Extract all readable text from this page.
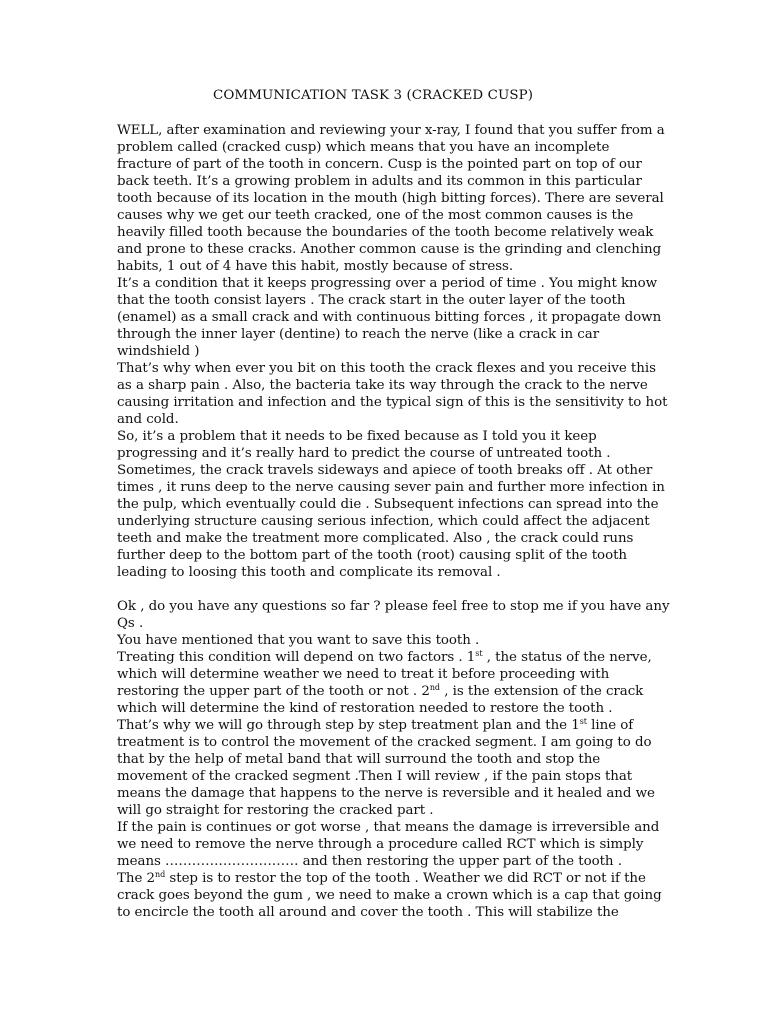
COMMUNICATION TASK 3 (CRACKED CUSP)
WELL, after examination and reviewing your x-ray, I found that you suffer from a
problem called (cracked cusp) which means that you have an incomplete
fracture of part of the tooth in concern. Cusp is the pointed part on top of our
back teeth. It’s a growing problem in adults and its common in this particular
tooth because of its location in the mouth (high bitting forces). There are several
causes why we get our teeth cracked, one of the most common causes is the
heavily filled tooth because the boundaries of the tooth become relatively weak
and prone to these cracks. Another common cause is the grinding and clenching
habits, 1 out of 4 have this habit, mostly because of stress.
It’s a condition that it keeps progressing over a period of time . You might know
that the tooth consist layers . The crack start in the outer layer of the tooth
(enamel) as a small crack and with continuous bitting forces , it propagate down
through the inner layer (dentine) to reach the nerve (like a crack in car
windshield )
That’s why when ever you bit on this tooth the crack flexes and you receive this
as a sharp pain . Also, the bacteria take its way through the crack to the nerve
causing irritation and infection and the typical sign of this is the sensitivity to hot
and cold.
So, it’s a problem that it needs to be fixed because as I told you it keep
progressing and it’s really hard to predict the course of untreated tooth .
Sometimes, the crack travels sideways and apiece of tooth breaks off . At other
times , it runs deep to the nerve causing sever pain and further more infection in
the pulp, which eventually could die . Subsequent infections can spread into the
underlying structure causing serious infection, which could affect the adjacent
teeth and make the treatment more complicated. Also , the crack could runs
further deep to the bottom part of the tooth (root) causing split of the tooth
leading to loosing this tooth and complicate its removal .
Ok , do you have any questions so far ? please feel free to stop me if you have any
Qs .
You have mentioned that you want to save this tooth .
Treating this condition will depend on two factors . 1st , the status of the nerve,
which will determine weather we need to treat it before proceeding with
restoring the upper part of the tooth or not . 2nd , is the extension of the crack
which will determine the kind of restoration needed to restore the tooth .
That’s why we will go through step by step treatment plan and the 1st line of
treatment is to control the movement of the cracked segment. I am going to do
that by the help of metal band that will surround the tooth and stop the
movement of the cracked segment .Then I will review , if the pain stops that
means the damage that happens to the nerve is reversible and it healed and we
will go straight for restoring the cracked part .
If the pain is continues or got worse , that means the damage is irreversible and
we need to remove the nerve through a procedure called RCT which is simply
means ………………………… and then restoring the upper part of the tooth .
The 2nd step is to restor the top of the tooth . Weather we did RCT or not if the
crack goes beyond the gum , we need to make a crown which is a cap that going
to encircle the tooth all around and cover the tooth . This will stabilize the
